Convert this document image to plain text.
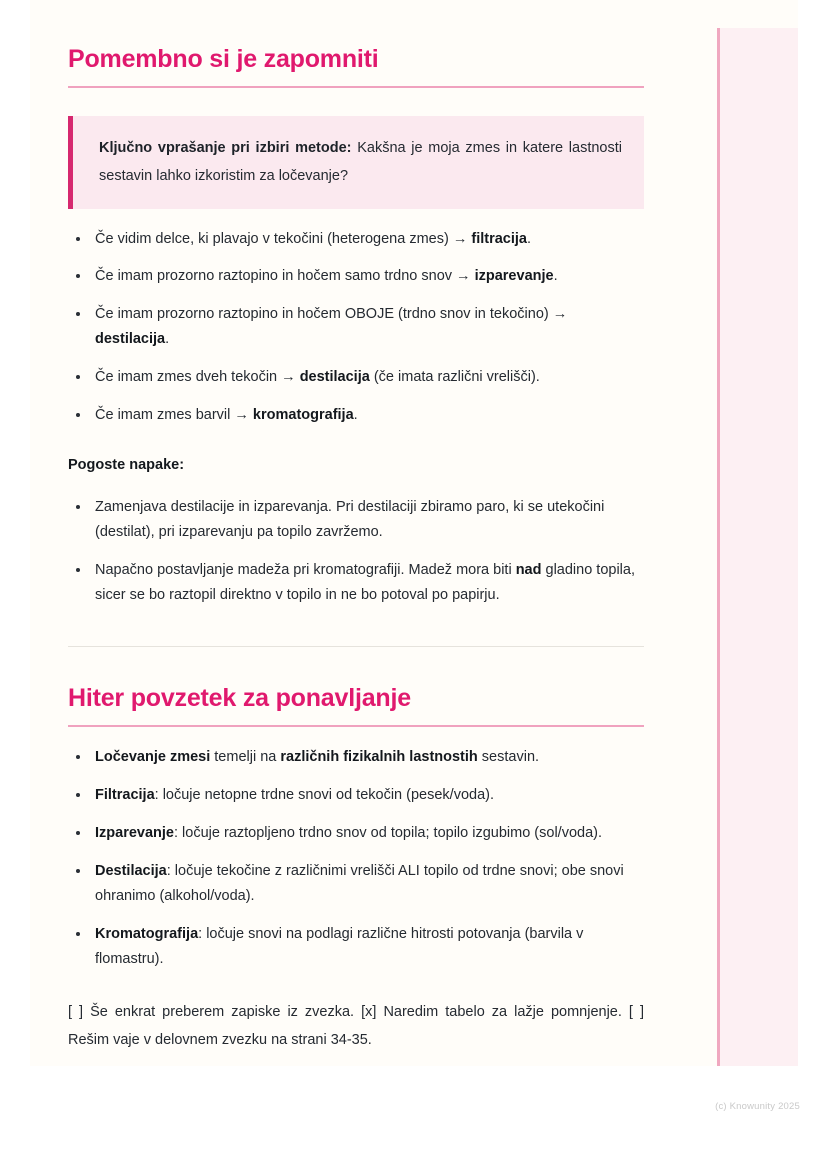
Pomembno si je zapomniti

Ključno vprašanje pri izbiri metode: Kakšna je moja zmes in katere lastnosti sestavin lahko izkoristim za ločevanje?

Če vidim delce, ki plavajo v tekočini (heterogena zmes) → filtracija.
Če imam prozorno raztopino in hočem samo trdno snov → izparevanje.
Če imam prozorno raztopino in hočem OBOJE (trdno snov in tekočino) → destilacija.
Če imam zmes dveh tekočin → destilacija (če imata različni vrelišči).
Če imam zmes barvil → kromatografija.

Pogoste napake:

Zamenjava destilacije in izparevanja. Pri destilaciji zbiramo paro, ki se utekočini (destilat), pri izparevanju pa topilo zavržemo.
Napačno postavljanje madeža pri kromatografiji. Madež mora biti nad gladino topila, sicer se bo raztopil direktno v topilo in ne bo potoval po papirju.
Hiter povzetek za ponavljanje
Ločevanje zmesi temelji na različnih fizikalnih lastnostih sestavin.
Filtracija: ločuje netopne trdne snovi od tekočin (pesek/voda).
Izparevanje: ločuje raztopljeno trdno snov od topila; topilo izgubimo (sol/voda).
Destilacija: ločuje tekočine z različnimi vrelišči ALI topilo od trdne snovi; obe snovi ohranimo (alkohol/voda).
Kromatografija: ločuje snovi na podlagi različne hitrosti potovanja (barvila v flomastru).

[ ] Še enkrat preberem zapiske iz zvezka. [x] Naredim tabelo za lažje pomnjenje. [ ] Rešim vaje v delovnem zvezku na strani 34-35.

(c) Knowunity 2025
